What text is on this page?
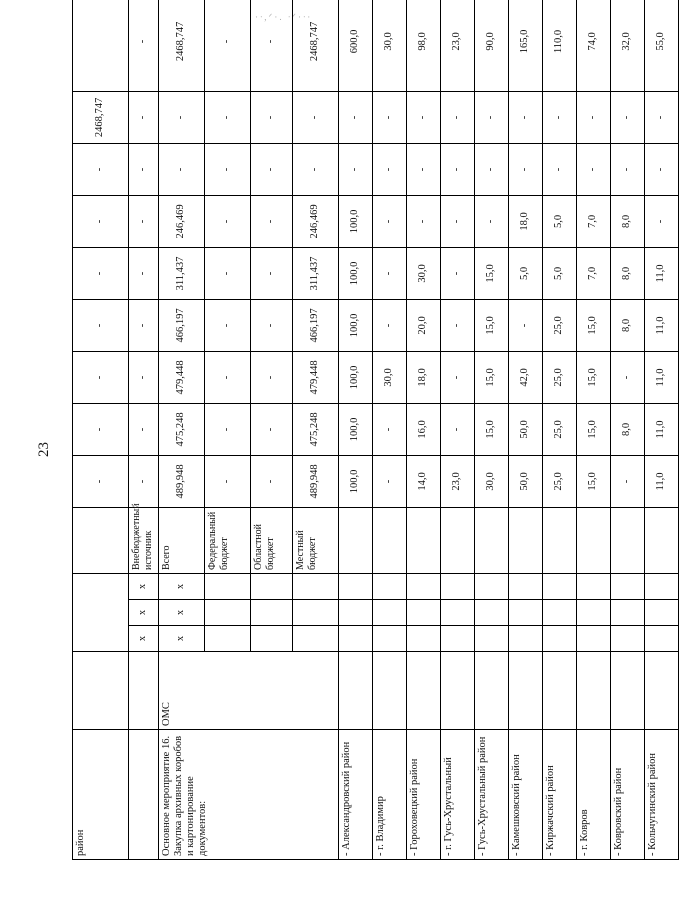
·ᐧ,ᐟ·. ᐧᐟ·ᐧ·
23
район						-	-	-	-	-	-	-	2468,747	
		x	x	x	Внебюджетный источник	-	-	-	-	-	-	-	-	-
Основное мероприятие 16. Закупка архивных коробов и картонирование документов:	ОМС	x	x	x	Всего	489,948	475,248	479,448	466,197	311,437	246,469	-	-	2468,747
					Федеральный бюджет	-	-	-	-	-	-	-	-	-
					Областной бюджет	-	-	-	-	-	-	-	-	-
					Местный бюджет	489,948	475,248	479,448	466,197	311,437	246,469	-	-	2468,747
- Александровский район						100,0	100,0	100,0	100,0	100,0	100,0	-	-	600,0
- г. Владимир						-	-	30,0	-	-	-	-	-	30,0
- Гороховецкий район						14,0	16,0	18,0	20,0	30,0	-	-	-	98,0
- г. Гусь-Хрустальный						23,0	-	-	-	-	-	-	-	23,0
- Гусь-Хрустальный район						30,0	15,0	15,0	15,0	15,0	-	-	-	90,0
- Камешковский район						50,0	50,0	42,0	-	5,0	18,0	-	-	165,0
- Киржачский район						25,0	25,0	25,0	25,0	5,0	5,0	-	-	110,0
- г. Ковров						15,0	15,0	15,0	15,0	7,0	7,0	-	-	74,0
- Ковровский район						-	8,0	-	8,0	8,0	8,0	-	-	32,0
- Кольчугинский район						11,0	11,0	11,0	11,0	11,0	-	-	-	55,0
